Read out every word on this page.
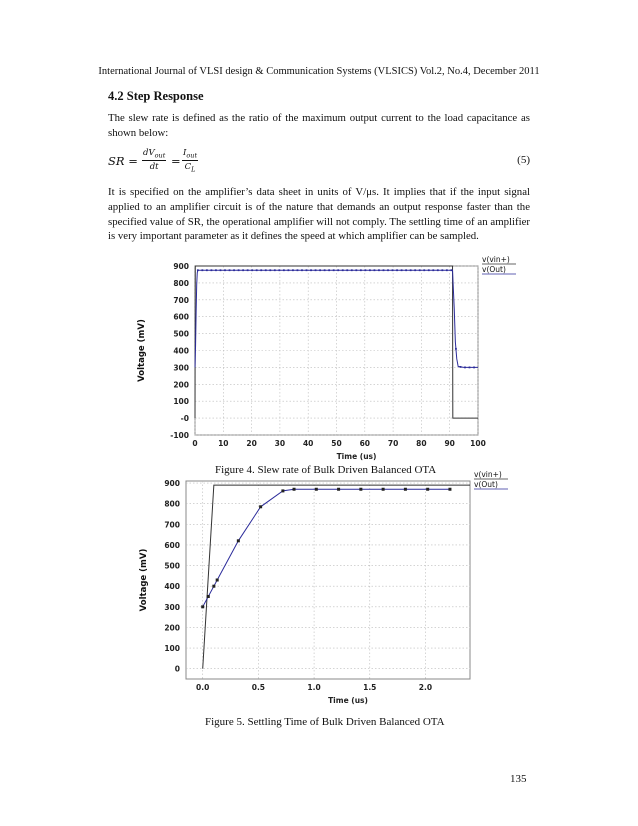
International Journal of VLSI design & Communication Systems (VLSICS) Vol.2, No.4, December 2011
4.2 Step Response
The slew rate is defined as the ratio of the maximum output current to the load capacitance as shown below:
SR =
$dV_{out}$
dt	=
$I_{out}$
$C_L$
(5)
It is specified on the amplifier’s data sheet in units of V/μs. It implies that if the input signal applied to an amplifier circuit is of the nature that demands an output response faster than the specified value of SR, the operational amplifier will not comply. The settling time of an amplifier is very important parameter as it defines the speed at which amplifier can be sampled.
0	10 20 30 40 50 60 70 80 90 100
-100
-0
100
200
300
400
500
600
700
800
900
Time (us)
Voltage (mV)
v(vin+)
v(Out)
Figure 4. Slew rate of Bulk Driven Balanced OTA
0.0	0.5	1.0	1.5	2.0
0
100
200
300
400
500
600
700
800
900
Time (us)
Voltage (mV)
v(vin+)
v(Out)
Figure 5. Settling Time of Bulk Driven Balanced OTA
135
